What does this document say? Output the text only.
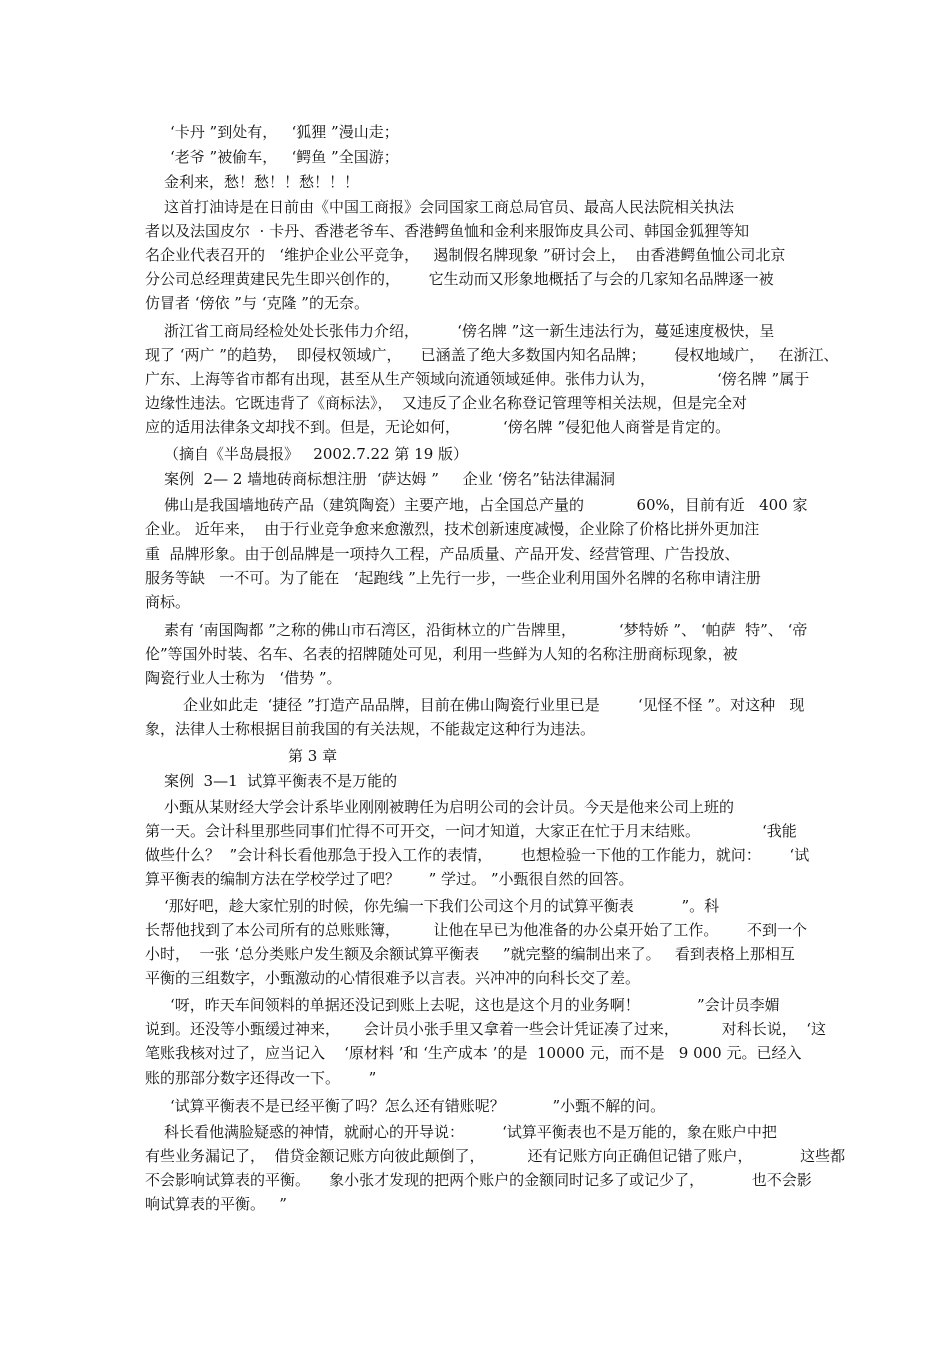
‘卡丹 ”到处有，   ‘狐狸 ”漫山走；
‘老爷 ”被偷车，   ‘鳄鱼 ”全国游；
金利来，愁！愁！！愁！！！
这首打油诗是在日前由《中国工商报》会同国家工商总局官员、最高人民法院相关执法
者以及法国皮尔  · 卡丹、香港老爷车、香港鳄鱼恤和金利来服饰皮具公司、韩国金狐狸等知
名企业代表召开的   ‘维护企业公平竞争，   遏制假名牌现象 ”研讨会上，  由香港鳄鱼恤公司北京
分公司总经理黄建民先生即兴创作的，      它生动而又形象地概括了与会的几家知名品牌逐一被
仿冒者 ‘傍依 ”与 ‘克隆 ”的无奈。
浙江省工商局经检处处长张伟力介绍，        ‘傍名牌 ”这一新生违法行为，蔓延速度极快，呈
现了 ‘两广 ”的趋势，  即侵权领域广，    已涵盖了绝大多数国内知名品牌；      侵权地域广，   在浙江、
广东、上海等省市都有出现，甚至从生产领域向流通领域延伸。张伟力认为，             ‘傍名牌 ”属于
边缘性违法。它既违背了《商标法》，  又违反了企业名称登记管理等相关法规，但是完全对
应的适用法律条文却找不到。但是，无论如何，         ‘傍名牌 ”侵犯他人商誉是肯定的。
（摘自《半岛晨报》   2002.7.22 第 19 版）
案例  2— 2 墙地砖商标想注册  ‘萨达姆 ”     企业 ‘傍名”钻法律漏洞
佛山是我国墙地砖产品（建筑陶瓷）主要产地，占全国总产量的           60%，目前有近   400 家
企业。 近年来，  由于行业竞争愈来愈激烈，技术创新速度减慢，企业除了价格比拼外更加注
重  品牌形象。由于创品牌是一项持久工程，产品质量、产品开发、经营管理、广告投放、
服务等缺   一不可。为了能在   ‘起跑线 ”上先行一步，一些企业利用国外名牌的名称申请注册
商标。
素有 ‘南国陶都 ”之称的佛山市石湾区，沿街林立的广告牌里，         ‘梦特娇 ”、 ‘帕萨  特”、 ‘帝
伦”等国外时装、名车、名表的招牌随处可见，利用一些鲜为人知的名称注册商标现象，被
陶瓷行业人士称为   ‘借势 ”。
企业如此走  ‘捷径 ”打造产品品牌，目前在佛山陶瓷行业里已是        ‘见怪不怪 ”。对这种   现
象，法律人士称根据目前我国的有关法规，不能裁定这种行为违法。
第 3 章
案例  3—1  试算平衡表不是万能的
小甄从某财经大学会计系毕业刚刚被聘任为启明公司的会计员。今天是他来公司上班的
第一天。会计科里那些同事们忙得不可开交，一问才知道，大家正在忙于月末结账。             ‘我能
做些什么？  ”会计科长看他那急于投入工作的表情，      也想检验一下他的工作能力，就问：      ‘试
算平衡表的编制方法在学校学过了吧？      ” 学过。 ”小甄很自然的回答。
‘那好吧，趁大家忙别的时候，你先编一下我们公司这个月的试算平衡表          ”。科
长帮他找到了本公司所有的总账账簿，       让他在早已为他准备的办公桌开始了工作。      不到一个
小时，  一张 ‘总分类账户发生额及余额试算平衡表     ”就完整的编制出来了。   看到表格上那相互
平衡的三组数字，小甄激动的心情很难予以言表。兴冲冲的向科长交了差。
‘呀，昨天车间领料的单据还没记到账上去呢，这也是这个月的业务啊！            ”会计员李媚
说到。还没等小甄缓过神来，     会计员小张手里又拿着一些会计凭证凑了过来，         对科长说，  ‘这
笔账我核对过了，应当记入    ‘原材料 ’和 ‘生产成本 ’的是  10000 元，而不是   9 000 元。已经入
账的那部分数字还得改一下。      ”
‘试算平衡表不是已经平衡了吗？怎么还有错账呢？          ”小甄不解的问。
科长看他满脸疑惑的神情，就耐心的开导说：        ‘试算平衡表也不是万能的，象在账户中把
有些业务漏记了，  借贷金额记账方向彼此颠倒了，         还有记账方向正确但记错了账户，          这些都
不会影响试算表的平衡。    象小张才发现的把两个账户的金额同时记多了或记少了，          也不会影
响试算表的平衡。   ”
